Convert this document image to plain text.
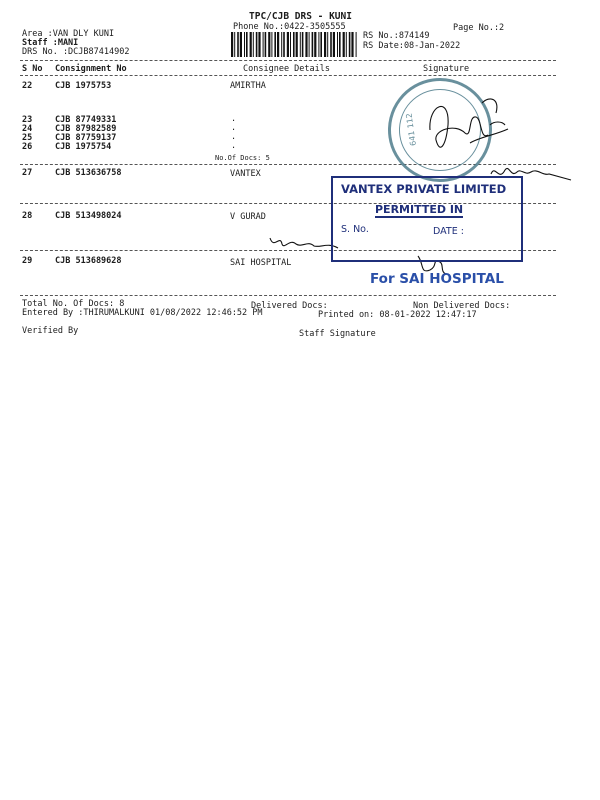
TPC/CJB DRS - KUNI
Phone No.:0422-3505555	Page No.:2
Area :VAN DLY KUNI
Staff :MANI
DRS No. :DCJB87414902
RS No.:874149
RS Date:08-Jan-2022
S No Consignment No	Consignee Details	Signature
22	CJB 1975753	AMIRTHA
23	CJB 87749331	.
24	CJB 87982589	.
25	CJB 87759137	.
26	CJB 1975754	.
No.Of Docs: 5
27	CJB 513636758	VANTEX
28	CJB 513498024	V GURAD
29	CJB 513689628	SAI HOSPITAL
Total No. Of Docs: 8	Delivered Docs:	Non Delivered Docs:
Entered By :THIRUMALKUNI 01/08/2022 12:46:52 PM	Printed on: 08-01-2022 12:47:17
Verified By	Staff Signature
641 112
VANTEX PRIVATE LIMITED
PERMITTED IN
S. No.	DATE :
For SAI HOSPITAL
